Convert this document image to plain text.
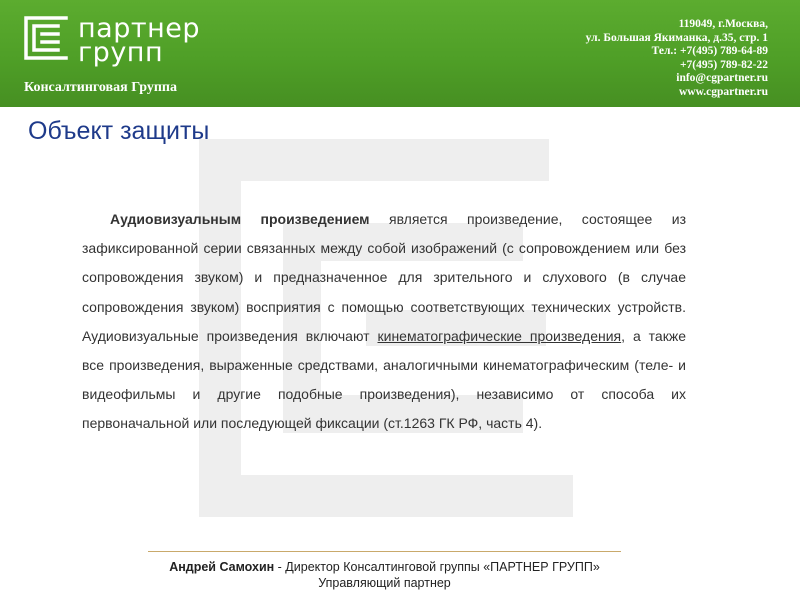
партнер
групп
Консалтинговая Группа
119049, г.Москва,
ул. Большая Якиманка, д.35, стр. 1
Тел.: +7(495) 789-64-89
+7(495) 789-82-22
info@cgpartner.ru
www.cgpartner.ru
Объект защиты

Аудиовизуальным произведением является произведение, состоящее из зафиксированной серии связанных между собой изображений (с сопровождением или без сопровождения звуком) и предназначенное для зрительного и слухового (в случае сопровождения звуком) восприятия с помощью соответствующих технических устройств. Аудиовизуальные произведения включают кинематографические произведения, а также все произведения, выраженные средствами, аналогичными кинематографическим (теле- и видеофильмы и другие подобные произведения), независимо от способа их первоначальной или последующей фиксации (ст.1263 ГК РФ, часть 4).

Андрей Самохин - Директор Консалтинговой группы «ПАРТНЕР ГРУПП»
Управляющий партнер
